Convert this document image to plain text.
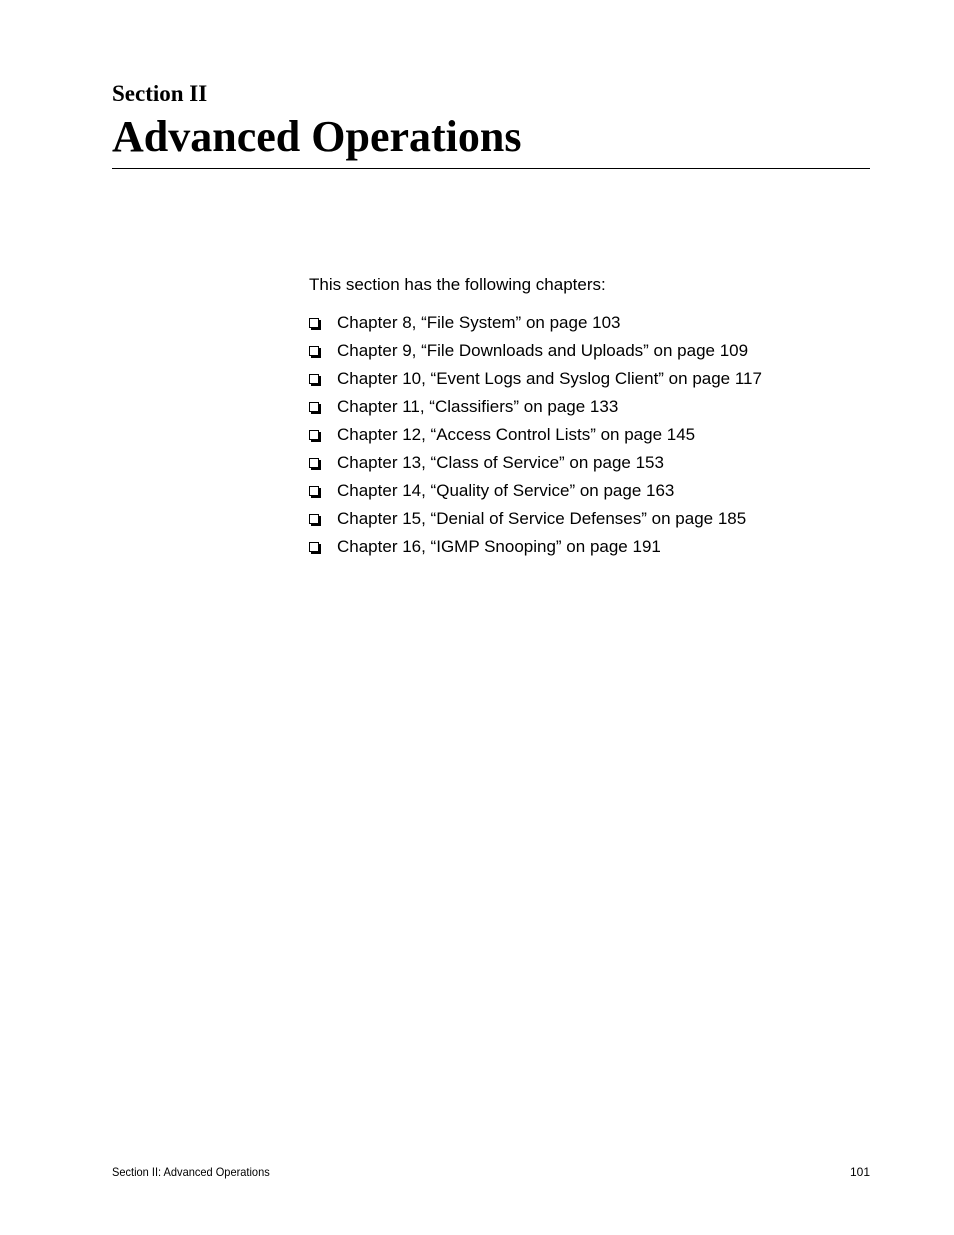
Section II
Advanced Operations

This section has the following chapters:

Chapter 8, “File System” on page 103
Chapter 9, “File Downloads and Uploads” on page 109
Chapter 10, “Event Logs and Syslog Client” on page 117
Chapter 11, “Classifiers” on page 133
Chapter 12, “Access Control Lists” on page 145
Chapter 13, “Class of Service” on page 153
Chapter 14, “Quality of Service” on page 163
Chapter 15, “Denial of Service Defenses” on page 185
Chapter 16, “IGMP Snooping” on page 191
Section II: Advanced Operations	101
